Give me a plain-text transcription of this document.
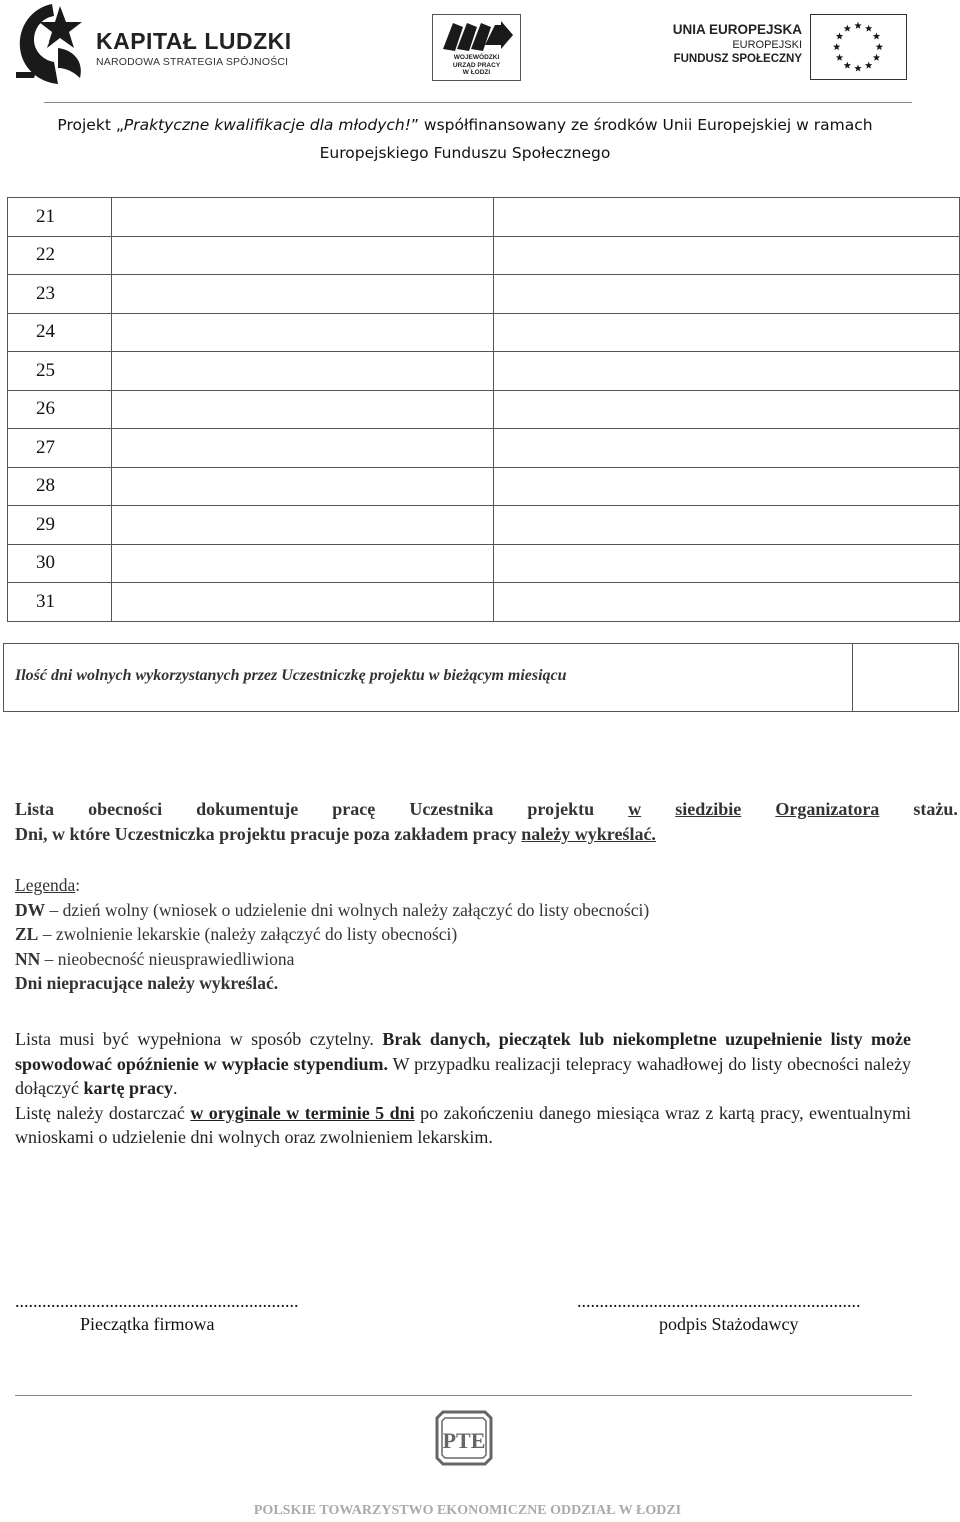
KAPITAŁ LUDZKI
NARODOWA STRATEGIA SPÓJNOŚCI	WOJEWÓDZKI
URZĄD PRACY
W ŁODZI
UNIA EUROPEJSKA
EUROPEJSKI
FUNDUSZ SPOŁECZNY
Projekt „Praktyczne kwalifikacje dla młodych!” współfinansowany ze środków Unii Europejskiej w ramach
Europejskiego Funduszu Społecznego
21		
22		
23		
24		
25		
26		
27		
28		
29		
30		
31		
Ilość dni wolnych wykorzystanych przez Uczestniczkę projektu w bieżącym miesiącu
Lista obecności dokumentuje pracę Uczestnika projektu w siedzibie Organizatora stażu.
Dni, w które Uczestniczka projektu pracuje poza zakładem pracy należy wykreślać.
Legenda:
DW – dzień wolny (wniosek o udzielenie dni wolnych należy załączyć do listy obecności)
ZL – zwolnienie lekarskie (należy załączyć do listy obecności)
NN – nieobecność nieusprawiedliwiona
Dni niepracujące należy wykreślać.
Lista musi być wypełniona w sposób czytelny. Brak danych, pieczątek lub niekompletne uzupełnienie listy może spowodować opóźnienie w wypłacie stypendium. W przypadku realizacji telepracy wahadłowej do listy obecności należy dołączyć kartę pracy.
Listę należy dostarczać w oryginale w terminie 5 dni po zakończeniu danego miesiąca wraz z kartą pracy, ewentualnymi wnioskami o udzielenie dni wolnych oraz zwolnieniem lekarskim.
...............................................................
Pieczątka firmowa
...............................................................
podpis Stażodawcy
PTE
POLSKIE TOWARZYSTWO EKONOMICZNE ODDZIAŁ W ŁODZI
